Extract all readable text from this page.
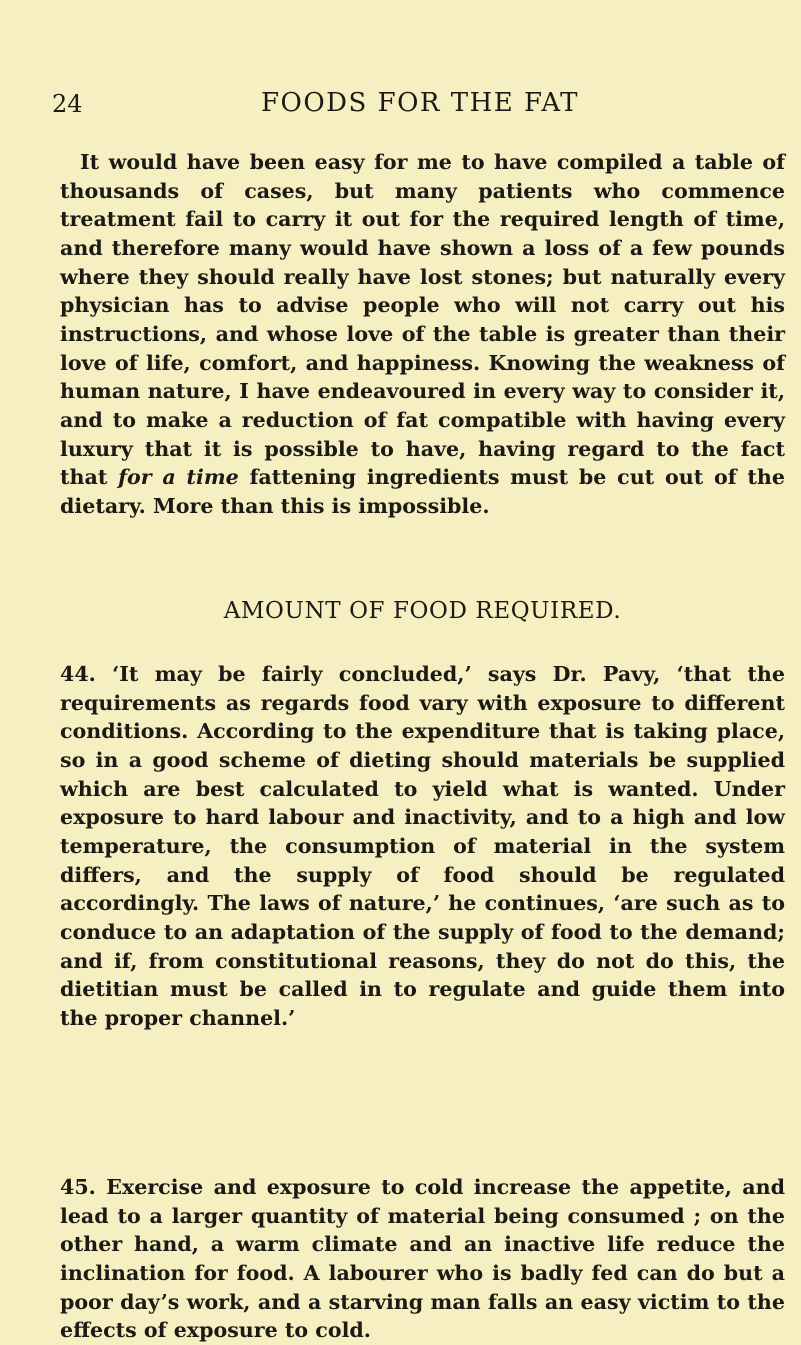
24	FOODS FOR THE FAT

It would have been easy for me to have compiled a table of thousands of cases, but many patients who commence treatment fail to carry it out for the required length of time, and therefore many would have shown a loss of a few pounds where they should really have lost stones; but naturally every physician has to advise people who will not carry out his instructions, and whose love of the table is greater than their love of life, comfort, and happiness. Knowing the weakness of human nature, I have endeavoured in every way to consider it, and to make a reduction of fat compatible with having every luxury that it is possible to have, having regard to the fact that for a time fattening ingredients must be cut out of the dietary. More than this is impossible.

AMOUNT OF FOOD REQUIRED.

44. ‘It may be fairly concluded,’ says Dr. Pavy, ‘that the requirements as regards food vary with exposure to different conditions. According to the expenditure that is taking place, so in a good scheme of dieting should materials be supplied which are best calculated to yield what is wanted. Under exposure to hard labour and inactivity, and to a high and low temperature, the consumption of material in the system differs, and the supply of food should be regulated accordingly. The laws of nature,’ he continues, ‘are such as to conduce to an adaptation of the supply of food to the demand; and if, from constitutional reasons, they do not do this, the dietitian must be called in to regulate and guide them into the proper channel.’

45. Exercise and exposure to cold increase the appetite, and lead to a larger quantity of material being consumed ; on the other hand, a warm climate and an inactive life reduce the inclination for food. A labourer who is badly fed can do but a poor day’s work, and a starving man falls an easy victim to the effects of exposure to cold.
